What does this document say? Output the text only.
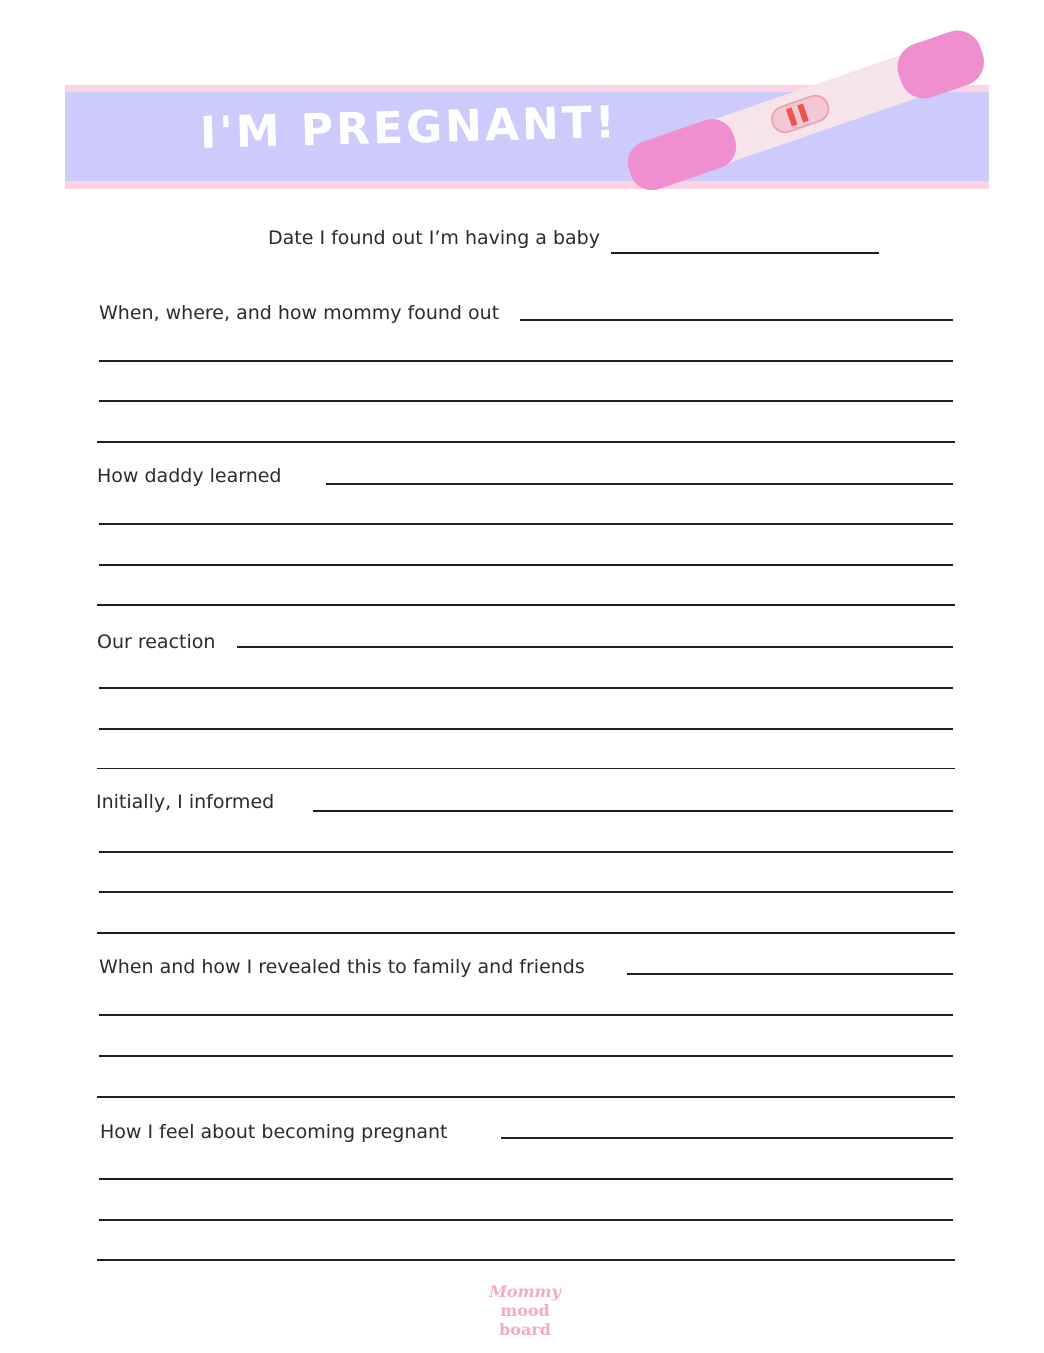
I'M PREGNANT!
Date I found out I’m having a baby
When, where, and how mommy found out
How daddy learned
Our reaction
Initially, I informed
When and how I revealed this to family and friends
How I feel about becoming pregnant
Mommy
mood
board
